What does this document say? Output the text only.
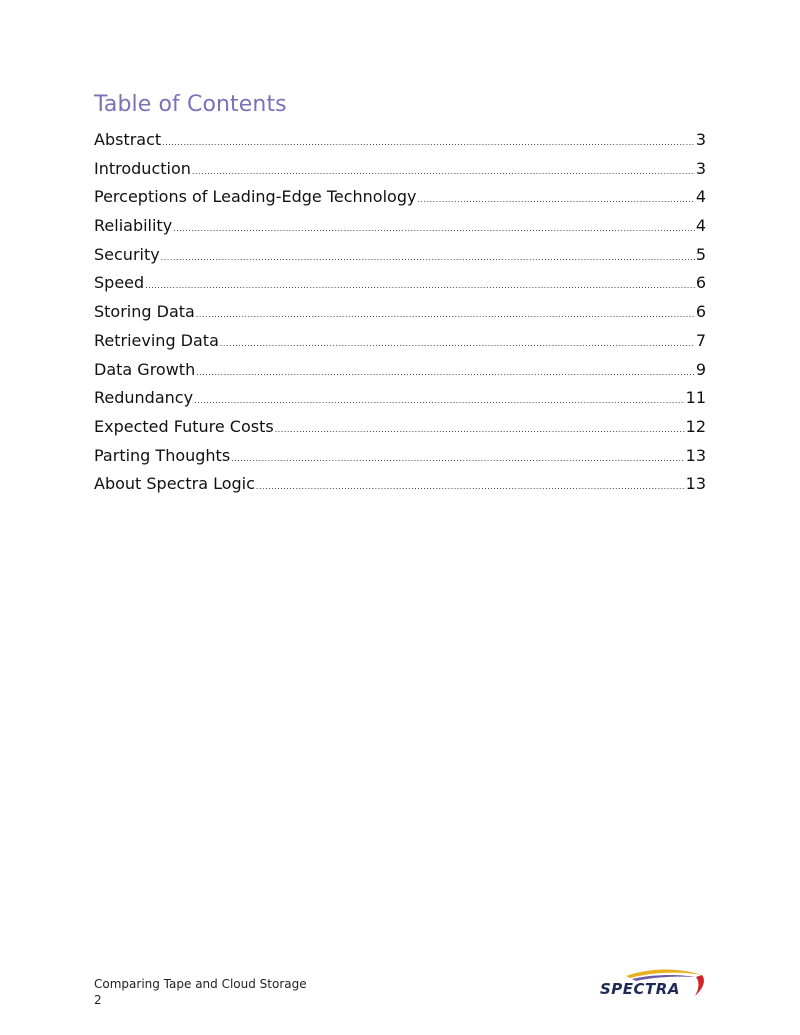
Table of Contents
Abstract .....	3
Introduction .....	3
Perceptions of Leading-Edge Technology .....	4
Reliability .....	4
Security .....	5
Speed .....	6
Storing Data .....	6
Retrieving Data .....	7
Data Growth .....	9
Redundancy .....	11
Expected Future Costs .....	12
Parting Thoughts .....	13
About Spectra Logic .....	13
Comparing Tape and Cloud Storage
2
SPECTRA
